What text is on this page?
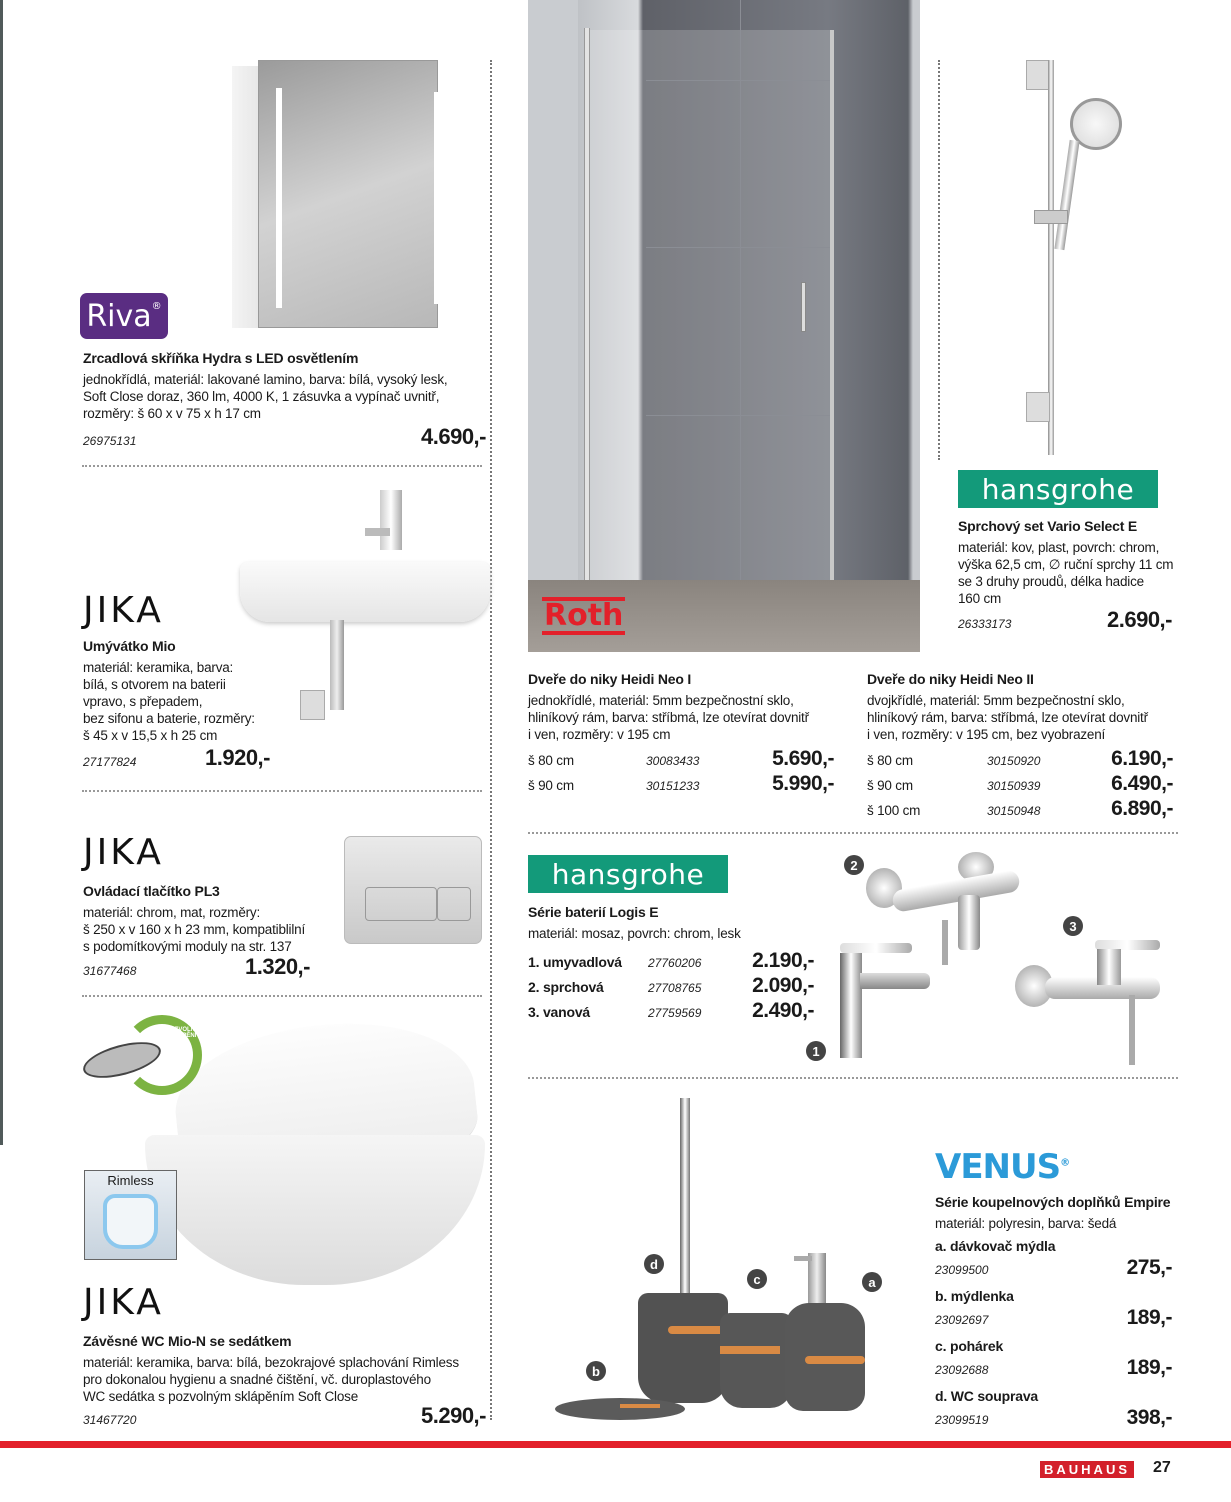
Riva®
Zrcadlová skříňka Hydra s LED osvětlením
jednokřídlá, materiál: lakované lamino, barva: bílá, vysoký lesk,
Soft Close doraz, 360 lm, 4000 K, 1 zásuvka a vypínač uvnitř,
rozměry: š 60 x v 75 x h 17 cm
26975131	4.690,-
JIKA
Umývátko Mio
materiál: keramika, barva:
bílá, s otvorem na baterii
vpravo, s přepadem,
bez sifonu a baterie, rozměry:
š 45 x v 15,5 x h 25 cm
27177824	1.920,-
JIKA
Ovládací tlačítko PL3
materiál: chrom, mat, rozměry:
š 250 x v 160 x h 23 mm, kompatiblilní
s podomítkovými moduly na str. 137
31677468	1.320,-
POZVOLNÉ SKLÁPĚNÍ
Rimless
JIKA
Závěsné WC Mio-N se sedátkem
materiál: keramika, barva: bílá, bezokrajové splachování Rimless
pro dokonalou hygienu a snadné čištění, vč. duroplastového
WC sedátka s pozvolným sklápěním Soft Close
31467720	5.290,-
Roth
Dveře do niky Heidi Neo I
jednokřídlé, materiál: 5mm bezpečnostní sklo,
hliníkový rám, barva: stříbmá, lze otevírat dovnitř
i ven, rozměry: v 195 cm
š 80 cm	30083433	5.690,-
š 90 cm	30151233	5.990,-
Dveře do niky Heidi Neo II
dvojkřídlé, materiál: 5mm bezpečnostní sklo,
hliníkový rám, barva: stříbmá, lze otevírat dovnitř
i ven, rozměry: v 195 cm, bez vyobrazení
š 80 cm	30150920	6.190,-
š 90 cm	30150939	6.490,-
š 100 cm	30150948	6.890,-
hansgrohe
Sprchový set Vario Select E
materiál: kov, plast, povrch: chrom,
výška 62,5 cm, ∅ ruční sprchy 11 cm
se 3 druhy proudů, délka hadice
160 cm
26333173	2.690,-
hansgrohe
Série baterií Logis E
materiál: mosaz, povrch: chrom, lesk
1. umyvadlová	27760206	2.190,-
2. sprchová	27708765	2.090,-
3. vanová	27759569	2.490,-
1
2
3
a
b
c
d
VENUS®
Série koupelnových doplňků Empire
materiál: polyresin, barva: šedá
a. dávkovač mýdla
23099500	275,-
b. mýdlenka
23092697	189,-
c. pohárek
23092688	189,-
d. WC souprava
23099519	398,-
BAUHAUS 27
